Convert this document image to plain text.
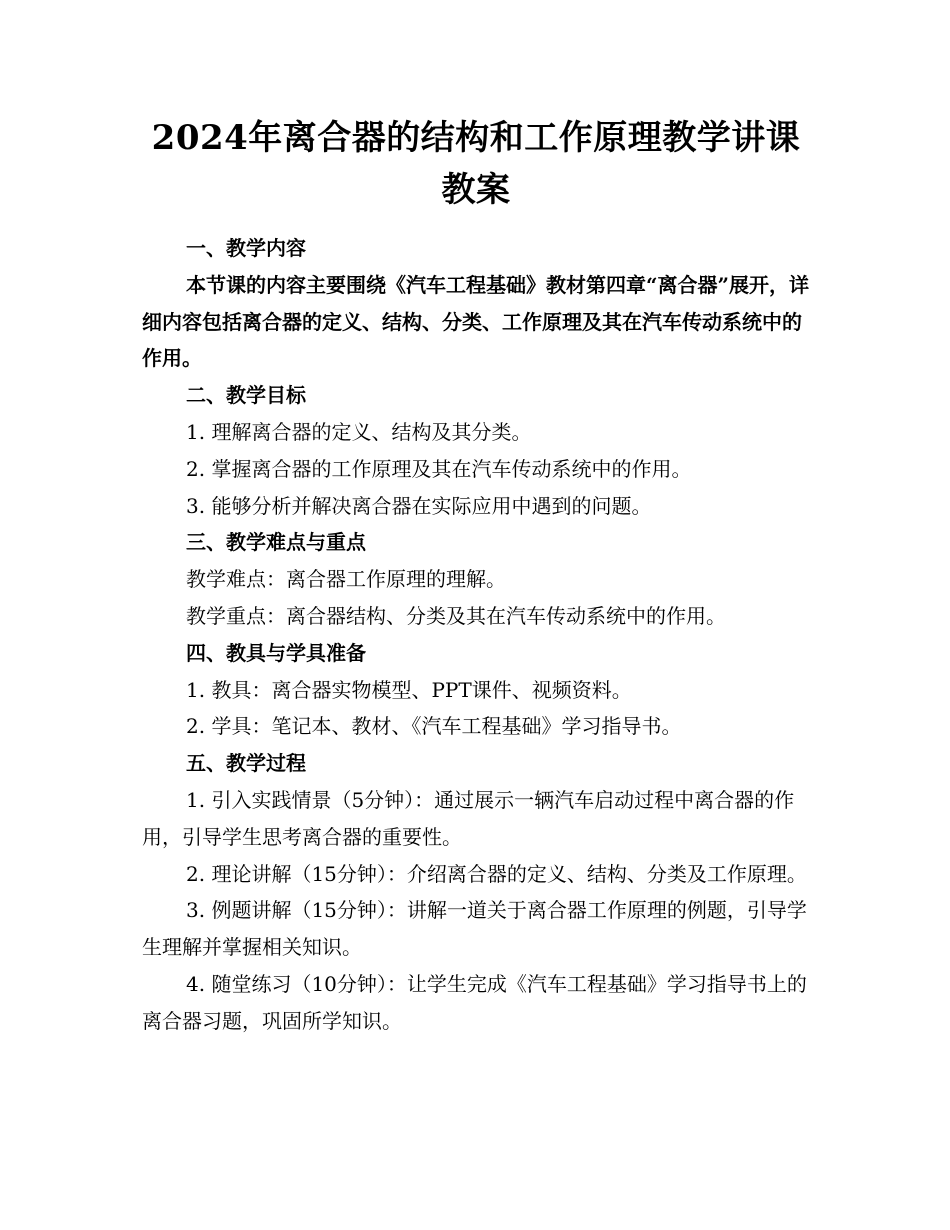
2024年离合器的结构和工作原理教学讲课教案

一、教学内容

本节课的内容主要围绕《汽车工程基础》教材第四章“离合器”展开，详细内容包括离合器的定义、结构、分类、工作原理及其在汽车传动系统中的作用。

二、教学目标

1. 理解离合器的定义、结构及其分类。

2. 掌握离合器的工作原理及其在汽车传动系统中的作用。

3. 能够分析并解决离合器在实际应用中遇到的问题。

三、教学难点与重点

教学难点：离合器工作原理的理解。

教学重点：离合器结构、分类及其在汽车传动系统中的作用。

四、教具与学具准备

1. 教具：离合器实物模型、PPT课件、视频资料。

2. 学具：笔记本、教材、《汽车工程基础》学习指导书。

五、教学过程

1. 引入实践情景（5分钟）：通过展示一辆汽车启动过程中离合器的作用，引导学生思考离合器的重要性。

2. 理论讲解（15分钟）：介绍离合器的定义、结构、分类及工作原理。

3. 例题讲解（15分钟）：讲解一道关于离合器工作原理的例题，引导学生理解并掌握相关知识。

4. 随堂练习（10分钟）：让学生完成《汽车工程基础》学习指导书上的离合器习题，巩固所学知识。
